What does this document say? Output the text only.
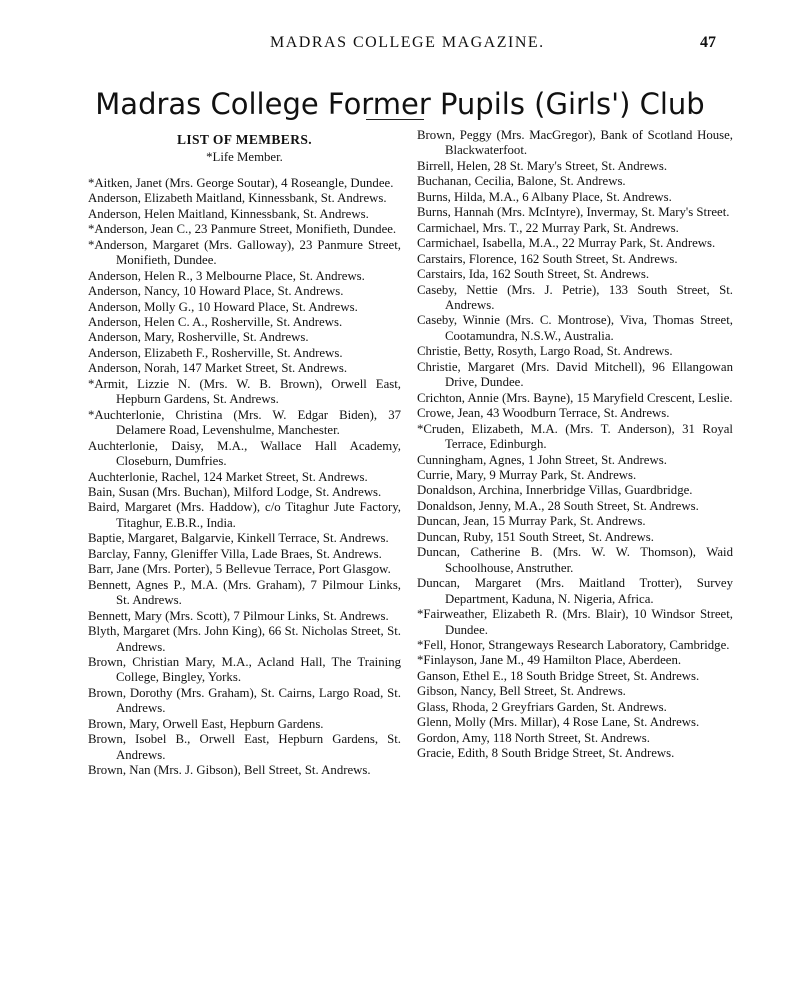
MADRAS COLLEGE MAGAZINE.	47
Madras College Former Pupils (Girls') Club
LIST OF MEMBERS.
*Life Member.
*Aitken, Janet (Mrs. George Soutar), 4 Roseangle, Dundee.
Anderson, Elizabeth Maitland, Kinnessbank, St. Andrews.
Anderson, Helen Maitland, Kinnessbank, St. Andrews.
*Anderson, Jean C., 23 Panmure Street, Monifieth, Dundee.
*Anderson, Margaret (Mrs. Galloway), 23 Panmure Street, Monifieth, Dundee.
Anderson, Helen R., 3 Melbourne Place, St. Andrews.
Anderson, Nancy, 10 Howard Place, St. Andrews.
Anderson, Molly G., 10 Howard Place, St. Andrews.
Anderson, Helen C. A., Rosherville, St. Andrews.
Anderson, Mary, Rosherville, St. Andrews.
Anderson, Elizabeth F., Rosherville, St. Andrews.
Anderson, Norah, 147 Market Street, St. Andrews.
*Armit, Lizzie N. (Mrs. W. B. Brown), Orwell East, Hepburn Gardens, St. Andrews.
*Auchterlonie, Christina (Mrs. W. Edgar Biden), 37 Delamere Road, Levenshulme, Manchester.
Auchterlonie, Daisy, M.A., Wallace Hall Academy, Closeburn, Dumfries.
Auchterlonie, Rachel, 124 Market Street, St. Andrews.
Bain, Susan (Mrs. Buchan), Milford Lodge, St. Andrews.
Baird, Margaret (Mrs. Haddow), c/o Titaghur Jute Factory, Titaghur, E.B.R., India.
Baptie, Margaret, Balgarvie, Kinkell Terrace, St. Andrews.
Barclay, Fanny, Gleniffer Villa, Lade Braes, St. Andrews.
Barr, Jane (Mrs. Porter), 5 Bellevue Terrace, Port Glasgow.
Bennett, Agnes P., M.A. (Mrs. Graham), 7 Pilmour Links, St. Andrews.
Bennett, Mary (Mrs. Scott), 7 Pilmour Links, St. Andrews.
Blyth, Margaret (Mrs. John King), 66 St. Nicholas Street, St. Andrews.
Brown, Christian Mary, M.A., Acland Hall, The Training College, Bingley, Yorks.
Brown, Dorothy (Mrs. Graham), St. Cairns, Largo Road, St. Andrews.
Brown, Mary, Orwell East, Hepburn Gardens.
Brown, Isobel B., Orwell East, Hepburn Gardens, St. Andrews.
Brown, Nan (Mrs. J. Gibson), Bell Street, St. Andrews.
Brown, Peggy (Mrs. MacGregor), Bank of Scotland House, Blackwaterfoot.
Birrell, Helen, 28 St. Mary's Street, St. Andrews.
Buchanan, Cecilia, Balone, St. Andrews.
Burns, Hilda, M.A., 6 Albany Place, St. Andrews.
Burns, Hannah (Mrs. McIntyre), Invermay, St. Mary's Street.
Carmichael, Mrs. T., 22 Murray Park, St. Andrews.
Carmichael, Isabella, M.A., 22 Murray Park, St. Andrews.
Carstairs, Florence, 162 South Street, St. Andrews.
Carstairs, Ida, 162 South Street, St. Andrews.
Caseby, Nettie (Mrs. J. Petrie), 133 South Street, St. Andrews.
Caseby, Winnie (Mrs. C. Montrose), Viva, Thomas Street, Cootamundra, N.S.W., Australia.
Christie, Betty, Rosyth, Largo Road, St. Andrews.
Christie, Margaret (Mrs. David Mitchell), 96 Ellangowan Drive, Dundee.
Crichton, Annie (Mrs. Bayne), 15 Maryfield Crescent, Leslie.
Crowe, Jean, 43 Woodburn Terrace, St. Andrews.
*Cruden, Elizabeth, M.A. (Mrs. T. Anderson), 31 Royal Terrace, Edinburgh.
Cunningham, Agnes, 1 John Street, St. Andrews.
Currie, Mary, 9 Murray Park, St. Andrews.
Donaldson, Archina, Innerbridge Villas, Guardbridge.
Donaldson, Jenny, M.A., 28 South Street, St. Andrews.
Duncan, Jean, 15 Murray Park, St. Andrews.
Duncan, Ruby, 151 South Street, St. Andrews.
Duncan, Catherine B. (Mrs. W. W. Thomson), Waid Schoolhouse, Anstruther.
Duncan, Margaret (Mrs. Maitland Trotter), Survey Department, Kaduna, N. Nigeria, Africa.
*Fairweather, Elizabeth R. (Mrs. Blair), 10 Windsor Street, Dundee.
*Fell, Honor, Strangeways Research Laboratory, Cambridge.
*Finlayson, Jane M., 49 Hamilton Place, Aberdeen.
Ganson, Ethel E., 18 South Bridge Street, St. Andrews.
Gibson, Nancy, Bell Street, St. Andrews.
Glass, Rhoda, 2 Greyfriars Garden, St. Andrews.
Glenn, Molly (Mrs. Millar), 4 Rose Lane, St. Andrews.
Gordon, Amy, 118 North Street, St. Andrews.
Gracie, Edith, 8 South Bridge Street, St. Andrews.
